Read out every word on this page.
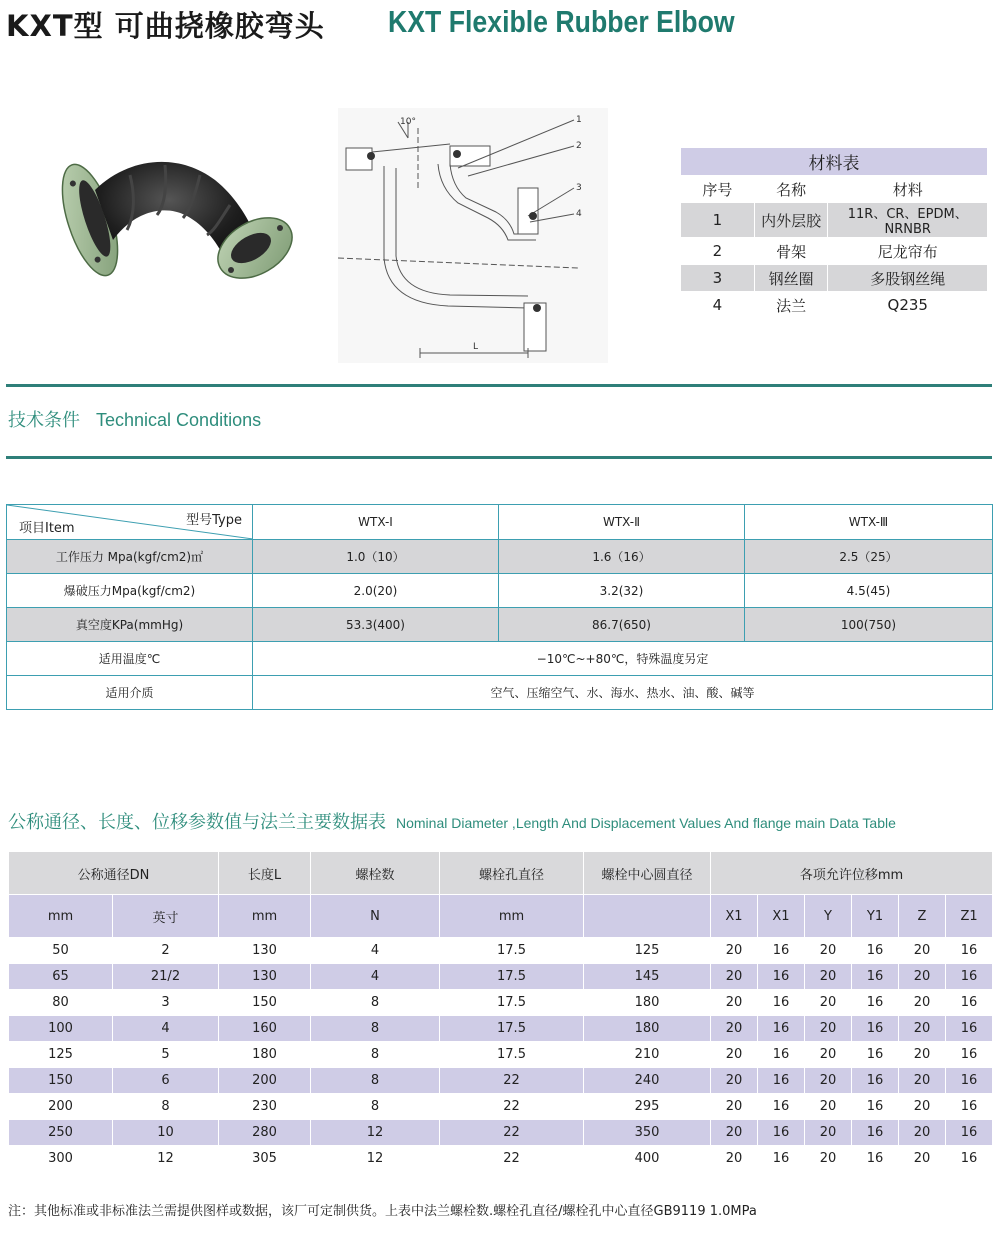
KXT型 可曲挠橡胶弯头 KXT Flexible Rubber Elbow
10°	1
2
3
4
L
材料表		
序号	名称	材料
1	内外层胶	11R、CR、EPDM、NRNBR
2	骨架	尼龙帘布
3	钢丝圈	多股钢丝绳
4	法兰	Q235
技术条件 Technical Conditions
型号Type
项目Item	WTX-Ⅰ	WTX-Ⅱ	WTX-Ⅲ
工作压力 Mpa(kgf/cm2)㎡	1.0（10）	1.6（16）	2.5（25）
爆破压力Mpa(kgf/cm2)	2.0(20)	3.2(32)	4.5(45)
真空度KPa(mmHg)	53.3(400)	86.7(650)	100(750)
适用温度℃	−10℃~+80℃，特殊温度另定		
适用介质	空气、压缩空气、水、海水、热水、油、酸、碱等		
公称通径、长度、位移参数值与法兰主要数据表 Nominal Diameter ,Length And Displacement Values And flange main Data Table
公称通径DN		长度L	螺栓数	螺栓孔直径	螺栓中心圆直径	各项允许位移mm					
mm	英寸	mm	N	mm		X1	X1	Y	Y1	Z	Z1
50	2	130	4	17.5	125	20	16	20	16	20	16
65	21/2	130	4	17.5	145	20	16	20	16	20	16
80	3	150	8	17.5	180	20	16	20	16	20	16
100	4	160	8	17.5	180	20	16	20	16	20	16
125	5	180	8	17.5	210	20	16	20	16	20	16
150	6	200	8	22	240	20	16	20	16	20	16
200	8	230	8	22	295	20	16	20	16	20	16
250	10	280	12	22	350	20	16	20	16	20	16
300	12	305	12	22	400	20	16	20	16	20	16
注：其他标准或非标准法兰需提供图样或数据，该厂可定制供货。上表中法兰螺栓数.螺栓孔直径/螺栓孔中心直径GB9119 1.0MPa
